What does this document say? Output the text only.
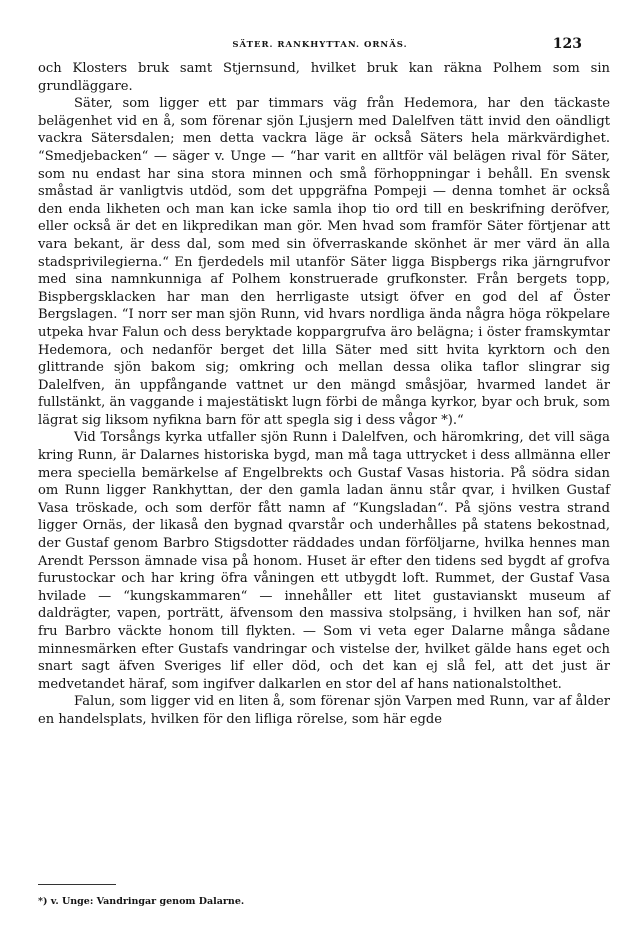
SÄTER. RANKHYTTAN. ORNÄS.	123

och Klosters bruk samt Stjernsund, hvilket bruk kan räkna Polhem som sin grundläggare.

Säter, som ligger ett par timmars väg från Hedemora, har den täckaste belägenhet vid en å, som förenar sjön Ljusjern med Dalelfven tätt invid den oändligt vackra Sätersdalen; men detta vackra läge är också Säters hela märkvärdighet. “Smedjebacken“ — säger v. Unge — “har varit en alltför väl belägen rival för Säter, som nu endast har sina stora minnen och små förhoppningar i behåll. En svensk småstad är vanligtvis utdöd, som det uppgräfna Pompeji — denna tomhet är också den enda likheten och man kan icke samla ihop tio ord till en beskrifning deröfver, eller också är det en likpredikan man gör. Men hvad som framför Säter förtjenar att vara bekant, är dess dal, som med sin öfverraskande skönhet är mer värd än alla stadsprivilegierna.“ En fjerdedels mil utanför Säter ligga Bispbergs rika järngrufvor med sina namnkunniga af Polhem konstruerade grufkonster. Från bergets topp, Bispbergsklacken har man den herrligaste utsigt öfver en god del af Öster Bergslagen. “I norr ser man sjön Runn, vid hvars nordliga ända några höga rökpelare utpeka hvar Falun och dess beryktade koppargrufva äro belägna; i öster framskymtar Hedemora, och nedanför berget det lilla Säter med sitt hvita kyrktorn och den glittrande sjön bakom sig; omkring och mellan dessa olika taflor slingrar sig Dalelfven, än uppfångande vattnet ur den mängd småsjöar, hvarmed landet är fullstänkt, än vaggande i majestätiskt lugn förbi de många kyrkor, byar och bruk, som lägrat sig liksom nyfikna barn för att spegla sig i dess vågor *).“

Vid Torsångs kyrka utfaller sjön Runn i Dalelfven, och häromkring, det vill säga kring Runn, är Dalarnes historiska bygd, man må taga uttrycket i dess allmänna eller mera speciella bemärkelse af Engelbrekts och Gustaf Vasas historia. På södra sidan om Runn ligger Rankhyttan, der den gamla ladan ännu står qvar, i hvilken Gustaf Vasa tröskade, och som derför fått namn af “Kungsladan“. På sjöns vestra strand ligger Ornäs, der likaså den bygnad qvarstår och underhålles på statens bekostnad, der Gustaf genom Barbro Stigsdotter räddades undan förföljarne, hvilka hennes man Arendt Persson ämnade visa på honom. Huset är efter den tidens sed bygdt af grofva furustockar och har kring öfra våningen ett utbygdt loft. Rummet, der Gustaf Vasa hvilade — “kungskammaren“ — innehåller ett litet gustavianskt museum af daldrägter, vapen, porträtt, äfvensom den massiva stolpsäng, i hvilken han sof, när fru Barbro väckte honom till flykten. — Som vi veta eger Dalarne många sådane minnesmärken efter Gustafs vandringar och vistelse der, hvilket gälde hans eget och snart sagt äfven Sveriges lif eller död, och det kan ej slå fel, att det just är medvetandet häraf, som ingifver dalkarlen en stor del af hans nationalstolthet.

Falun, som ligger vid en liten å, som förenar sjön Varpen med Runn, var af ålder en handelsplats, hvilken för den lifliga rörelse, som här egde

*) v. Unge: Vandringar genom Dalarne.
